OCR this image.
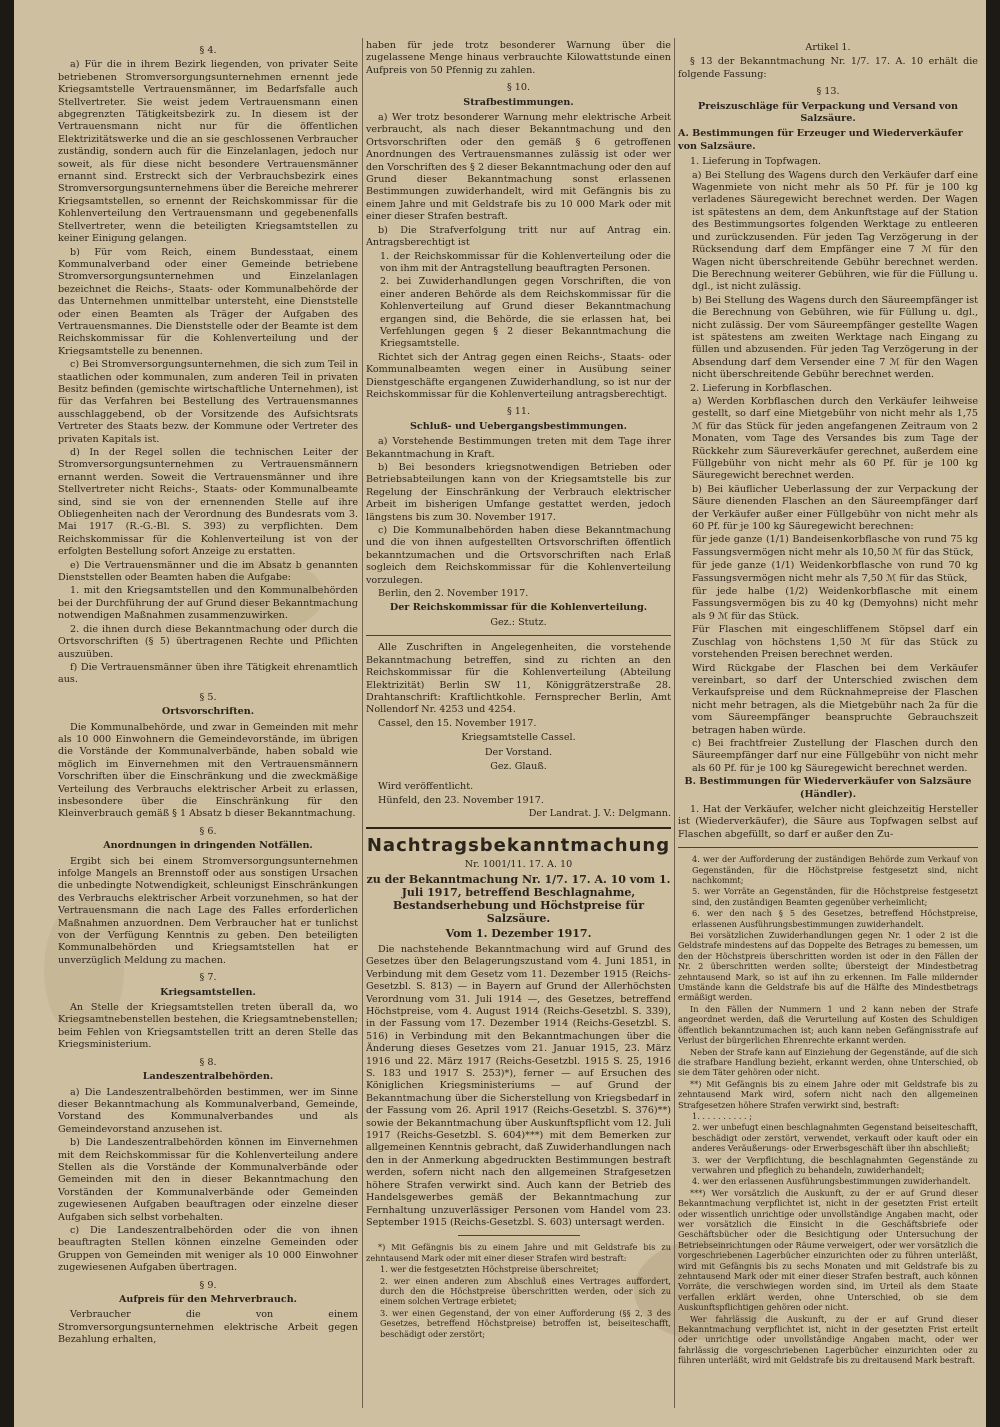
§ 4.

a) Für die in ihrem Bezirk liegenden, von privater Seite betriebenen Stromversorgungsunternehmen ernennt jede Kriegsamtstelle Vertrauensmänner, im Bedarfsfalle auch Stellvertreter. Sie weist jedem Vertrauensmann einen abgegrenzten Tätigkeitsbezirk zu. In diesem ist der Vertrauensmann nicht nur für die öffentlichen Elektrizitätswerke und die an sie geschlossenen Verbraucher zuständig, sondern auch für die Einzelanlagen, jedoch nur soweit, als für diese nicht besondere Vertrauensmänner ernannt sind. Erstreckt sich der Verbrauchsbezirk eines Stromversorgungsunternehmens über die Bereiche mehrerer Kriegsamtstellen, so ernennt der Reichskommissar für die Kohlenverteilung den Vertrauensmann und gegebenenfalls Stellvertreter, wenn die beteiligten Kriegsamtstellen zu keiner Einigung gelangen.

b) Für vom Reich, einem Bundesstaat, einem Kommunalverband oder einer Gemeinde betriebene Stromversorgungsunternehmen und Einzelanlagen bezeichnet die Reichs-, Staats- oder Kommunalbehörde der das Unternehmen unmittelbar untersteht, eine Dienststelle oder einen Beamten als Träger der Aufgaben des Vertrauensmannes. Die Dienststelle oder der Beamte ist dem Reichskommissar für die Kohlenverteilung und der Kriegsamtstelle zu benennen.

c) Bei Stromversorgungsunternehmen, die sich zum Teil in staatlichen oder kommunalen, zum anderen Teil in privaten Besitz befinden (gemischte wirtschaftliche Unternehmen), ist für das Verfahren bei Bestellung des Vertrauensmannes ausschlaggebend, ob der Vorsitzende des Aufsichtsrats Vertreter des Staats bezw. der Kommune oder Vertreter des privaten Kapitals ist.

d) In der Regel sollen die technischen Leiter der Stromversorgungsunternehmen zu Vertrauensmännern ernannt werden. Soweit die Vertrauensmänner und ihre Stellvertreter nicht Reichs-, Staats- oder Kommunalbeamte sind, sind sie von der ernennenden Stelle auf ihre Obliegenheiten nach der Verordnung des Bundesrats vom 3. Mai 1917 (R.-G.-Bl. S. 393) zu verpflichten. Dem Reichskommissar für die Kohlenverteilung ist von der erfolgten Bestellung sofort Anzeige zu erstatten.

e) Die Vertrauensmänner und die im Absatz b genannten Dienststellen oder Beamten haben die Aufgabe:

1. mit den Kriegsamtstellen und den Kommunalbehörden bei der Durchführung der auf Grund dieser Bekanntmachung notwendigen Maßnahmen zusammenzuwirken.

2. die ihnen durch diese Bekanntmachung oder durch die Ortsvorschriften (§ 5) übertragenen Rechte und Pflichten auszuüben.

f) Die Vertrauensmänner üben ihre Tätigkeit ehrenamtlich aus.

§ 5.

Ortsvorschriften.

Die Kommunalbehörde, und zwar in Gemeinden mit mehr als 10 000 Einwohnern die Gemeindevorstände, im übrigen die Vorstände der Kommunalverbände, haben sobald wie möglich im Einvernehmen mit den Vertrauensmännern Vorschriften über die Einschränkung und die zweckmäßige Verteilung des Verbrauchs elektrischer Arbeit zu erlassen, insbesondere über die Einschränkung für den Kleinverbrauch gemäß § 1 Absatz b dieser Bekanntmachung.

§ 6.

Anordnungen in dringenden Notfällen.

Ergibt sich bei einem Stromversorgungsunternehmen infolge Mangels an Brennstoff oder aus sonstigen Ursachen die unbedingte Notwendigkeit, schleunigst Einschränkungen des Verbrauchs elektrischer Arbeit vorzunehmen, so hat der Vertrauensmann die nach Lage des Falles erforderlichen Maßnahmen anzuordnen. Dem Verbraucher hat er tunlichst von der Verfügung Kenntnis zu geben. Den beteiligten Kommunalbehörden und Kriegsamtstellen hat er unverzüglich Meldung zu machen.

§ 7.

Kriegsamtstellen.

An Stelle der Kriegsamtstellen treten überall da, wo Kriegsamtnebenstellen bestehen, die Kriegsamtnebenstellen; beim Fehlen von Kriegsamtstellen tritt an deren Stelle das Kriegsministerium.

§ 8.

Landeszentralbehörden.

a) Die Landeszentralbehörden bestimmen, wer im Sinne dieser Bekanntmachung als Kommunalverband, Gemeinde, Vorstand des Kommunalverbandes und als Gemeindevorstand anzusehen ist.

b) Die Landeszentralbehörden können im Einvernehmen mit dem Reichskommissar für die Kohlenverteilung andere Stellen als die Vorstände der Kommunalverbände oder Gemeinden mit den in dieser Bekanntmachung den Vorständen der Kommunalverbände oder Gemeinden zugewiesenen Aufgaben beauftragen oder einzelne dieser Aufgaben sich selbst vorbehalten.

c) Die Landeszentralbehörden oder die von ihnen beauftragten Stellen können einzelne Gemeinden oder Gruppen von Gemeinden mit weniger als 10 000 Einwohner zugewiesenen Aufgaben übertragen.

§ 9.

Aufpreis für den Mehrverbrauch.

Verbraucher die von einem Stromversorgungsunternehmen elektrische Arbeit gegen Bezahlung erhalten,

haben für jede trotz besonderer Warnung über die zugelassene Menge hinaus verbrauchte Kilowattstunde einen Aufpreis von 50 Pfennig zu zahlen.

§ 10.

Strafbestimmungen.

a) Wer trotz besonderer Warnung mehr elektrische Arbeit verbraucht, als nach dieser Bekanntmachung und den Ortsvorschriften oder den gemäß § 6 getroffenen Anordnungen des Vertrauensmannes zulässig ist oder wer den Vorschriften des § 2 dieser Bekanntmachung oder den auf Grund dieser Bekanntmachung sonst erlassenen Bestimmungen zuwiderhandelt, wird mit Gefängnis bis zu einem Jahre und mit Geldstrafe bis zu 10 000 Mark oder mit einer dieser Strafen bestraft.

b) Die Strafverfolgung tritt nur auf Antrag ein. Antragsberechtigt ist

1. der Reichskommissar für die Kohlenverteilung oder die von ihm mit der Antragstellung beauftragten Personen.

2. bei Zuwiderhandlungen gegen Vorschriften, die von einer anderen Behörde als dem Reichskommissar für die Kohlenverteilung auf Grund dieser Bekanntmachung ergangen sind, die Behörde, die sie erlassen hat, bei Verfehlungen gegen § 2 dieser Bekanntmachung die Kriegsamtstelle.

Richtet sich der Antrag gegen einen Reichs-, Staats- oder Kommunalbeamten wegen einer in Ausübung seiner Dienstgeschäfte ergangenen Zuwiderhandlung, so ist nur der Reichskommissar für die Kohlenverteilung antragsberechtigt.

§ 11.

Schluß- und Uebergangsbestimmungen.

a) Vorstehende Bestimmungen treten mit dem Tage ihrer Bekanntmachung in Kraft.

b) Bei besonders kriegsnotwendigen Betrieben oder Betriebsabteilungen kann von der Kriegsamtstelle bis zur Regelung der Einschränkung der Verbrauch elektrischer Arbeit im bisherigen Umfange gestattet werden, jedoch längstens bis zum 30. November 1917.

c) Die Kommunalbehörden haben diese Bekanntmachung und die von ihnen aufgestellten Ortsvorschriften öffentlich bekanntzumachen und die Ortsvorschriften nach Erlaß sogleich dem Reichskommissar für die Kohlenverteilung vorzulegen.

Berlin, den 2. November 1917.

Der Reichskommissar für die Kohlenverteilung.

Gez.: Stutz.

Alle Zuschriften in Angelegenheiten, die vorstehende Bekanntmachung betreffen, sind zu richten an den Reichskommissar für die Kohlenverteilung (Abteilung Elektrizität) Berlin SW 11, Königgrätzerstraße 28. Drahtanschrift: Kraftlichtkohle. Fernsprecher Berlin, Amt Nollendorf Nr. 4253 und 4254.

Cassel, den 15. November 1917.

Kriegsamtstelle Cassel.

Der Vorstand.

Gez. Glauß.

Wird veröffentlicht.

Hünfeld, den 23. November 1917.

Der Landrat. J. V.: Delgmann.

Nachtragsbekanntmachung

Nr. 1001/11. 17. A. 10

zu der Bekanntmachung Nr. 1/7. 17. A. 10 vom 1. Juli 1917, betreffend Beschlagnahme, Bestandserhebung und Höchstpreise für Salzsäure.

Vom 1. Dezember 1917.

Die nachstehende Bekanntmachung wird auf Grund des Gesetzes über den Belagerungszustand vom 4. Juni 1851, in Verbindung mit dem Gesetz vom 11. Dezember 1915 (Reichs-Gesetzbl. S. 813) — in Bayern auf Grund der Allerhöchsten Verordnung vom 31. Juli 1914 —, des Gesetzes, betreffend Höchstpreise, vom 4. August 1914 (Reichs-Gesetzbl. S. 339), in der Fassung vom 17. Dezember 1914 (Reichs-Gesetzbl. S. 516) in Verbindung mit den Bekanntmachungen über die Änderung dieses Gesetzes vom 21. Januar 1915, 23. März 1916 und 22. März 1917 (Reichs-Gesetzbl. 1915 S. 25, 1916 S. 183 und 1917 S. 253)*), ferner — auf Ersuchen des Königlichen Kriegsministeriums — auf Grund der Bekanntmachung über die Sicherstellung von Kriegsbedarf in der Fassung vom 26. April 1917 (Reichs-Gesetzbl. S. 376)**) sowie der Bekanntmachung über Auskunftspflicht vom 12. Juli 1917 (Reichs-Gesetzbl. S. 604)***) mit dem Bemerken zur allgemeinen Kenntnis gebracht, daß Zuwiderhandlungen nach den in der Anmerkung abgedruckten Bestimmungen bestraft werden, sofern nicht nach den allgemeinen Strafgesetzen höhere Strafen verwirkt sind. Auch kann der Betrieb des Handelsgewerbes gemäß der Bekanntmachung zur Fernhaltung unzuverlässiger Personen vom Handel vom 23. September 1915 (Reichs-Gesetzbl. S. 603) untersagt werden.

*) Mit Gefängnis bis zu einem Jahre und mit Geldstrafe bis zu zehntausend Mark oder mit einer dieser Strafen wird bestraft:

1. wer die festgesetzten Höchstpreise überschreitet;

2. wer einen anderen zum Abschluß eines Vertrages auffordert, durch den die Höchstpreise überschritten werden, oder sich zu einem solchen Vertrage erbietet;

3. wer einen Gegenstand, der von einer Aufforderung (§§ 2, 3 des Gesetzes, betreffend Höchstpreise) betroffen ist, beiseiteschafft, beschädigt oder zerstört;

Artikel 1.

§ 13 der Bekanntmachung Nr. 1/7. 17. A. 10 erhält die folgende Fassung:

§ 13.

Preiszuschläge für Verpackung und Versand von Salzsäure.

A. Bestimmungen für Erzeuger und Wiederverkäufer von Salzsäure.

1. Lieferung in Topfwagen.

a) Bei Stellung des Wagens durch den Verkäufer darf eine Wagenmiete von nicht mehr als 50 Pf. für je 100 kg verladenes Säuregewicht berechnet werden. Der Wagen ist spätestens an dem, dem Ankunftstage auf der Station des Bestimmungsortes folgenden Werktage zu entleeren und zurückzusenden. Für jeden Tag Verzögerung in der Rücksendung darf dem Empfänger eine 7 ℳ für den Wagen nicht überschreitende Gebühr berechnet werden. Die Berechnung weiterer Gebühren, wie für die Füllung u. dgl., ist nicht zulässig.

b) Bei Stellung des Wagens durch den Säureempfänger ist die Berechnung von Gebühren, wie für Füllung u. dgl., nicht zulässig. Der vom Säureempfänger gestellte Wagen ist spätestens am zweiten Werktage nach Eingang zu füllen und abzusenden. Für jeden Tag Verzögerung in der Absendung darf dem Versender eine 7 ℳ für den Wagen nicht überschreitende Gebühr berechnet werden.

2. Lieferung in Korbflaschen.

a) Werden Korbflaschen durch den Verkäufer leihweise gestellt, so darf eine Mietgebühr von nicht mehr als 1,75 ℳ für das Stück für jeden angefangenen Zeitraum von 2 Monaten, vom Tage des Versandes bis zum Tage der Rückkehr zum Säureverkäufer gerechnet, außerdem eine Füllgebühr von nicht mehr als 60 Pf. für je 100 kg Säuregewicht berechnet werden.

b) Bei käuflicher Ueberlassung der zur Verpackung der Säure dienenden Flaschen an den Säureempfänger darf der Verkäufer außer einer Füllgebühr von nicht mehr als 60 Pf. für je 100 kg Säuregewicht berechnen:

für jede ganze (1/1) Bandeisenkorbflasche von rund 75 kg Fassungsvermögen nicht mehr als 10,50 ℳ für das Stück,

für jede ganze (1/1) Weidenkorbflasche von rund 70 kg Fassungsvermögen nicht mehr als 7,50 ℳ für das Stück,

für jede halbe (1/2) Weidenkorbflasche mit einem Fassungsvermögen bis zu 40 kg (Demyohns) nicht mehr als 9 ℳ für das Stück.

Für Flaschen mit eingeschliffenem Stöpsel darf ein Zuschlag von höchstens 1,50 ℳ für das Stück zu vorstehenden Preisen berechnet werden.

Wird Rückgabe der Flaschen bei dem Verkäufer vereinbart, so darf der Unterschied zwischen dem Verkaufspreise und dem Rücknahmepreise der Flaschen nicht mehr betragen, als die Mietgebühr nach 2a für die vom Säureempfänger beanspruchte Gebrauchszeit betragen haben würde.

c) Bei frachtfreier Zustellung der Flaschen durch den Säureempfänger darf nur eine Füllgebühr von nicht mehr als 60 Pf. für je 100 kg Säuregewicht berechnet werden.

B. Bestimmungen für Wiederverkäufer von Salzsäure (Händler).

1. Hat der Verkäufer, welcher nicht gleichzeitig Hersteller ist (Wiederverkäufer), die Säure aus Topfwagen selbst auf Flaschen abgefüllt, so darf er außer den Zu-

4. wer der Aufforderung der zuständigen Behörde zum Verkauf von Gegenständen, für die Höchstpreise festgesetzt sind, nicht nachkommt;

5. wer Vorräte an Gegenständen, für die Höchstpreise festgesetzt sind, den zuständigen Beamten gegenüber verheimlicht;

6. wer den nach § 5 des Gesetzes, betreffend Höchstpreise, erlassenen Ausführungsbestimmungen zuwiderhandelt.

Bei vorsätzlichen Zuwiderhandlungen gegen Nr. 1 oder 2 ist die Geldstrafe mindestens auf das Doppelte des Betrages zu bemessen, um den der Höchstpreis überschritten worden ist oder in den Fällen der Nr. 2 überschritten werden sollte; übersteigt der Mindestbetrag zehntausend Mark, so ist auf ihn zu erkennen. Im Falle mildernder Umstände kann die Geldstrafe bis auf die Hälfte des Mindestbetrags ermäßigt werden.

In den Fällen der Nummern 1 und 2 kann neben der Strafe angeordnet werden, daß die Verurteilung auf Kosten des Schuldigen öffentlich bekanntzumachen ist; auch kann neben Gefängnisstrafe auf Verlust der bürgerlichen Ehrenrechte erkannt werden.

Neben der Strafe kann auf Einziehung der Gegenstände, auf die sich die strafbare Handlung bezieht, erkannt werden, ohne Unterschied, ob sie dem Täter gehören oder nicht.

**) Mit Gefängnis bis zu einem Jahre oder mit Geldstrafe bis zu zehntausend Mark wird, sofern nicht nach den allgemeinen Strafgesetzen höhere Strafen verwirkt sind, bestraft:

1. . . . . . . . . . ;

2. wer unbefugt einen beschlagnahmten Gegenstand beiseiteschafft, beschädigt oder zerstört, verwendet, verkauft oder kauft oder ein anderes Veräußerungs- oder Erwerbsgeschäft über ihn abschließt;

3. wer der Verpflichtung, die beschlagnahmten Gegenstände zu verwahren und pfleglich zu behandeln, zuwiderhandelt;

4. wer den erlassenen Ausführungsbestimmungen zuwiderhandelt.

***) Wer vorsätzlich die Auskunft, zu der er auf Grund dieser Bekanntmachung verpflichtet ist, nicht in der gesetzten Frist erteilt oder wissentlich unrichtige oder unvollständige Angaben macht, oder wer vorsätzlich die Einsicht in die Geschäftsbriefe oder Geschäftsbücher oder die Besichtigung oder Untersuchung der Betriebseinrichtungen oder Räume verweigert, oder wer vorsätzlich die vorgeschriebenen Lagerbücher einzurichten oder zu führen unterläßt, wird mit Gefängnis bis zu sechs Monaten und mit Geldstrafe bis zu zehntausend Mark oder mit einer dieser Strafen bestraft, auch können Vorräte, die verschwiegen worden sind, im Urteil als dem Staate verfallen erklärt werden, ohne Unterschied, ob sie dem Auskunftspflichtigen gehören oder nicht.

Wer fahrlässig die Auskunft, zu der er auf Grund dieser Bekanntmachung verpflichtet ist, nicht in der gesetzten Frist erteilt oder unrichtige oder unvollständige Angaben macht, oder wer fahrlässig die vorgeschriebenen Lagerbücher einzurichten oder zu führen unterläßt, wird mit Geldstrafe bis zu dreitausend Mark bestraft.
